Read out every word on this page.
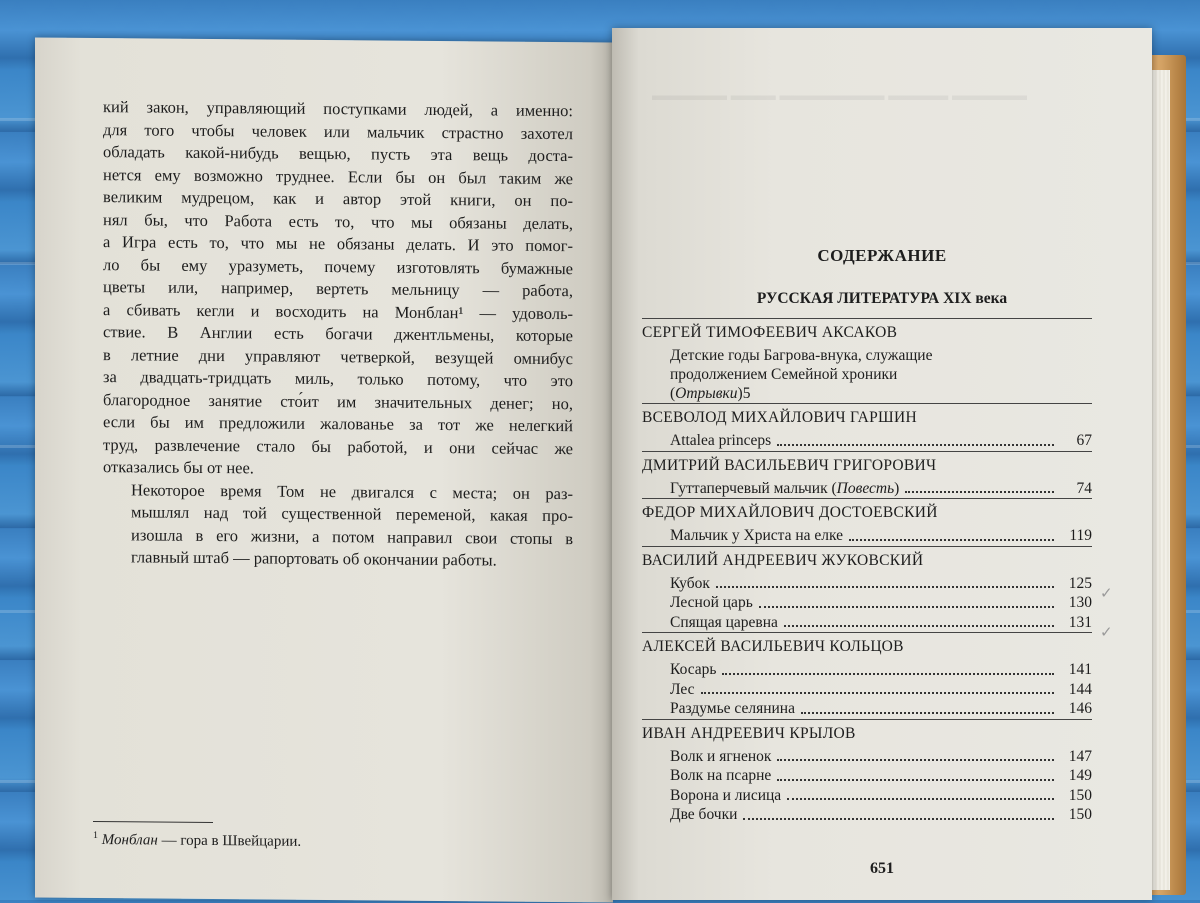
кий закон, управляющий поступками людей, а именно:
для того чтобы человек или мальчик страстно захотел
обладать какой-нибудь вещью, пусть эта вещь доста-
нется ему возможно труднее. Если бы он был таким же
великим мудрецом, как и автор этой книги, он по-
нял бы, что Работа есть то, что мы обязаны делать,
а Игра есть то, что мы не обязаны делать. И это помог-
ло бы ему уразуметь, почему изготовлять бумажные
цветы или, например, вертеть мельницу — работа,
а сбивать кегли и восходить на Монблан¹ — удоволь-
ствие. В Англии есть богачи джентльмены, которые
в летние дни управляют четверкой, везущей омнибус
за двадцать-тридцать миль, только потому, что это
благородное занятие сто́ит им значительных денег; но,
если бы им предложили жалованье за тот же нелегкий
труд, развлечение стало бы работой, и они сейчас же
отказались бы от нее.

Некоторое время Том не двигался с места; он раз-
мышлял над той существенной переменой, какая про-
изошла в его жизни, а потом направил свои стопы в
главный штаб — рапортовать об окончании работы.

$^1$ Монблан — гора в Швейцарии.
▬▬▬▬▬ ▬▬▬ ▬▬▬▬▬▬▬ ▬▬▬▬ ▬▬▬▬▬
СОДЕРЖАНИЕ
РУССКАЯ ЛИТЕРАТУРА XIX века
СЕРГЕЙ ТИМОФЕЕВИЧ АКСАКОВ
Детские годы Багрова-внука, служащие
продолжением Семейной хроники
(Отрывки) 5
ВСЕВОЛОД МИХАЙЛОВИЧ ГАРШИН
Attalea princeps	67
ДМИТРИЙ ВАСИЛЬЕВИЧ ГРИГОРОВИЧ
Гуттаперчевый мальчик (Повесть)	74
ФЕДОР МИХАЙЛОВИЧ ДОСТОЕВСКИЙ
Мальчик у Христа на елке	119
ВАСИЛИЙ АНДРЕЕВИЧ ЖУКОВСКИЙ
Кубок	125
Лесной царь	130
Спящая царевна	131
АЛЕКСЕЙ ВАСИЛЬЕВИЧ КОЛЬЦОВ
Косарь	141
Лес	144
Раздумье селянина	146
ИВАН АНДРЕЕВИЧ КРЫЛОВ
Волк и ягненок	147
Волк на псарне	149
Ворона и лисица	150
Две бочки	150
651
✓
✓
